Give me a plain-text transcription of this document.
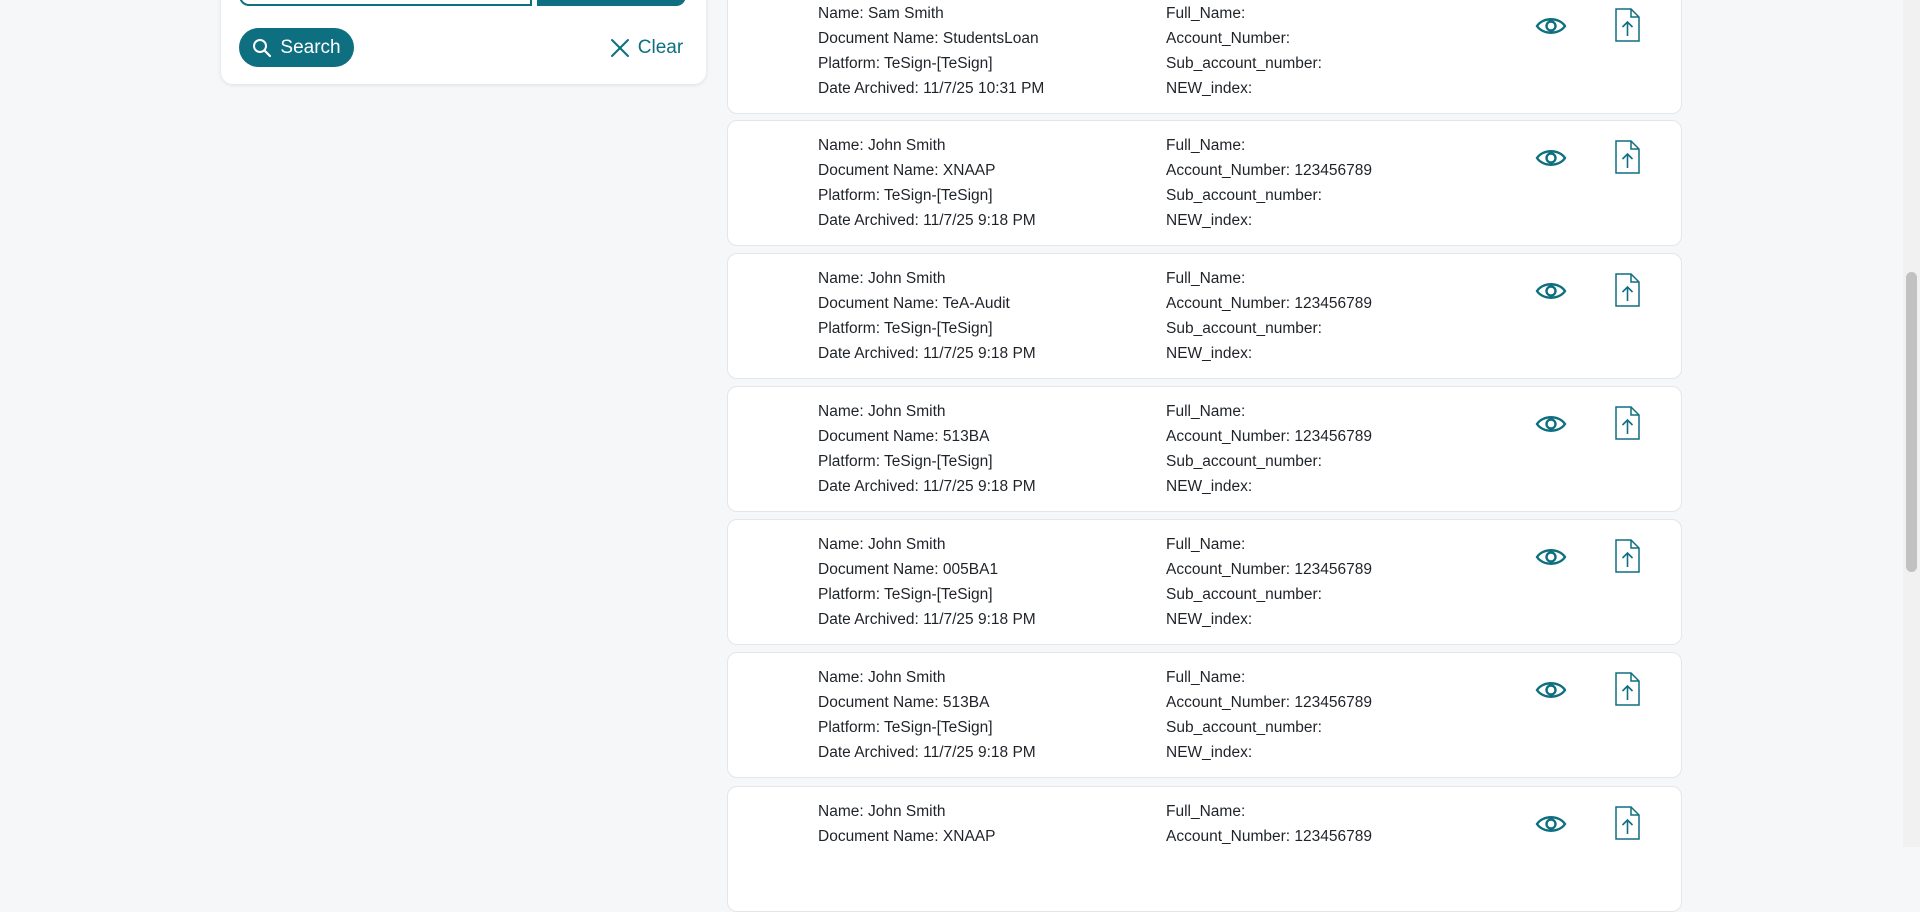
Search	Clear
Name: Sam Smith
Document Name: StudentsLoan
Platform: TeSign-[TeSign]
Date Archived: 11/7/25 10:31 PM
Full_Name:
Account_Number:
Sub_account_number:
NEW_index:
Name: John Smith
Document Name: XNAAP
Platform: TeSign-[TeSign]
Date Archived: 11/7/25 9:18 PM
Full_Name:
Account_Number: 123456789
Sub_account_number:
NEW_index:
Name: John Smith
Document Name: TeA-Audit
Platform: TeSign-[TeSign]
Date Archived: 11/7/25 9:18 PM
Full_Name:
Account_Number: 123456789
Sub_account_number:
NEW_index:
Name: John Smith
Document Name: 513BA
Platform: TeSign-[TeSign]
Date Archived: 11/7/25 9:18 PM
Full_Name:
Account_Number: 123456789
Sub_account_number:
NEW_index:
Name: John Smith
Document Name: 005BA1
Platform: TeSign-[TeSign]
Date Archived: 11/7/25 9:18 PM
Full_Name:
Account_Number: 123456789
Sub_account_number:
NEW_index:
Name: John Smith
Document Name: 513BA
Platform: TeSign-[TeSign]
Date Archived: 11/7/25 9:18 PM
Full_Name:
Account_Number: 123456789
Sub_account_number:
NEW_index:
Name: John Smith
Document Name: XNAAP
Full_Name:
Account_Number: 123456789
